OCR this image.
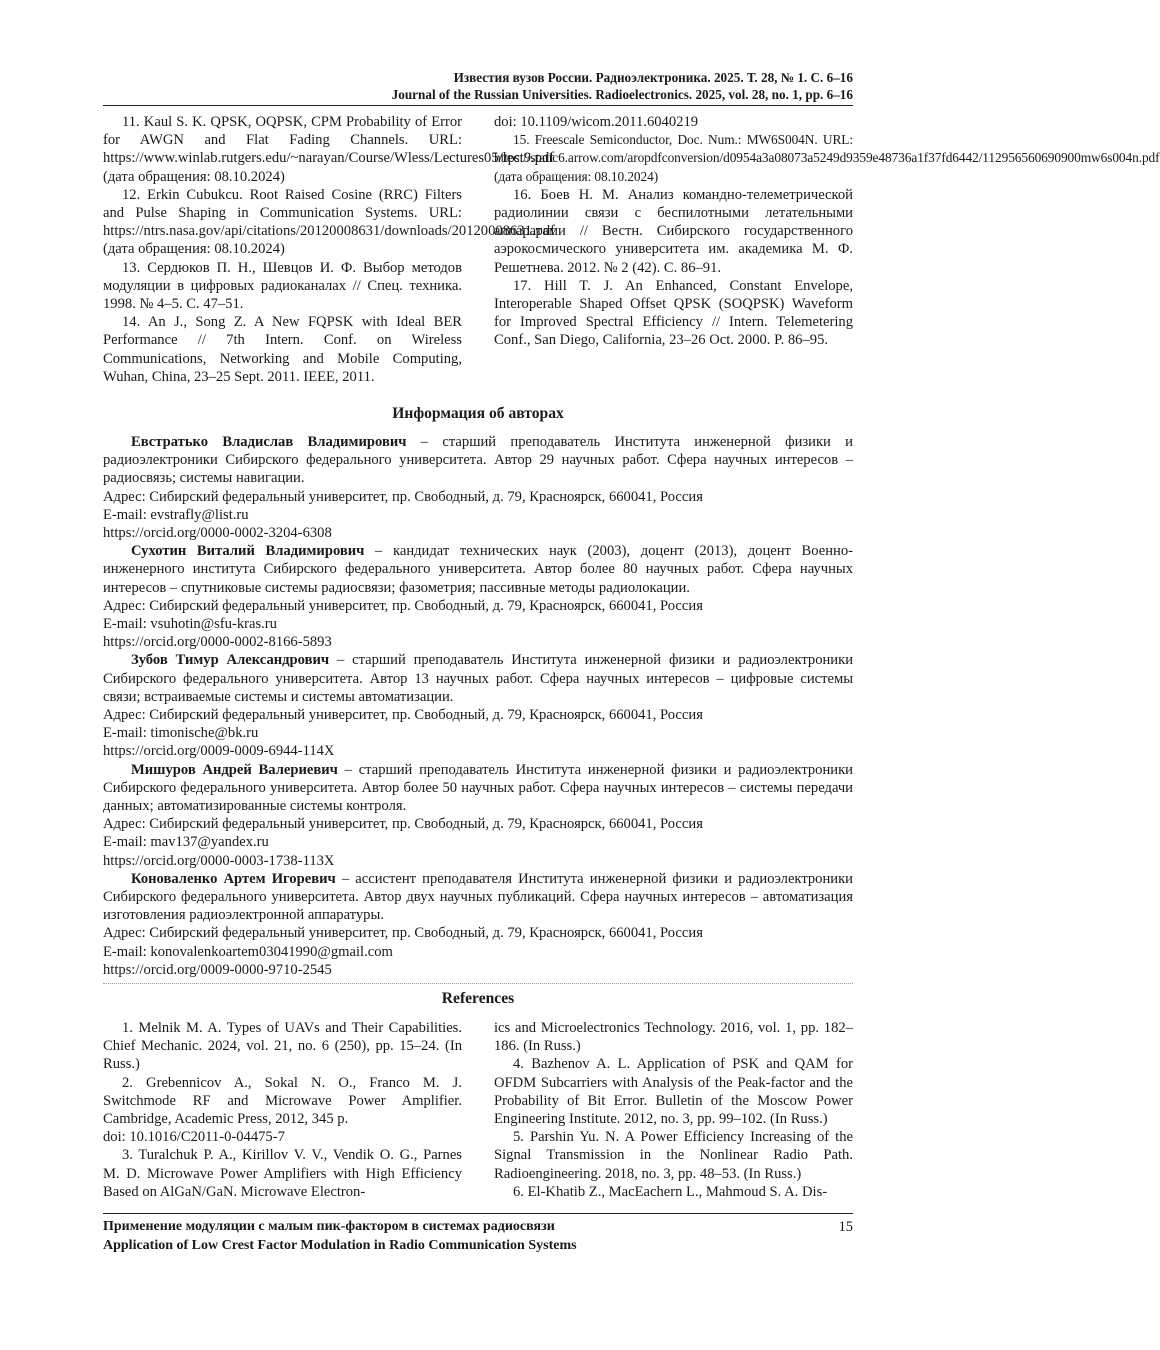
Известия вузов России. Радиоэлектроника. 2025. Т. 28, № 1. С. 6–16
Journal of the Russian Universities. Radioelectronics. 2025, vol. 28, no. 1, pp. 6–16

11. Kaul S. K. QPSK, OQPSK, CPM Probability of Error for AWGN and Flat Fading Channels. URL: https://www.winlab.rutgers.edu/~narayan/Course/Wless/Lectures05/lect9.pdf (дата обращения: 08.10.2024)

12. Erkin Cubukcu. Root Raised Cosine (RRC) Filters and Pulse Shaping in Communication Systems. URL: https://ntrs.nasa.gov/api/citations/20120008631/downloads/20120008631.pdf (дата обращения: 08.10.2024)

13. Сердюков П. Н., Шевцов И. Ф. Выбор методов модуляции в цифровых радиоканалах // Спец. техника. 1998. № 4–5. С. 47–51.

14. An J., Song Z. A New FQPSK with Ideal BER Performance // 7th Intern. Conf. on Wireless Communications, Networking and Mobile Computing, Wuhan, China, 23–25 Sept. 2011. IEEE, 2011.

doi: 10.1109/wicom.2011.6040219

15. Freescale Semiconductor, Doc. Num.: MW6S004N. URL: https://static6.arrow.com/aropdfconversion/d0954a3a08073a5249d9359e48736a1f37fd6442/112956560690900mw6s004n.pdf (дата обращения: 08.10.2024)

16. Боев Н. М. Анализ командно-телеметрической радиолинии связи с беспилотными летательными аппаратами // Вестн. Сибирского государственного аэрокосмического университета им. академика М. Ф. Решетнева. 2012. № 2 (42). С. 86–91.

17. Hill T. J. An Enhanced, Constant Envelope, Interoperable Shaped Offset QPSK (SOQPSK) Waveform for Improved Spectral Efficiency // Intern. Telemetering Conf., San Diego, California, 23–26 Oct. 2000. P. 86–95.

Информация об авторах

Евстратько Владислав Владимирович – старший преподаватель Института инженерной физики и радиоэлектроники Сибирского федерального университета. Автор 29 научных работ. Сфера научных интересов – радиосвязь; системы навигации.

Адрес: Сибирский федеральный университет, пр. Свободный, д. 79, Красноярск, 660041, Россия

E-mail: evstrafly@list.ru

https://orcid.org/0000-0002-3204-6308

Сухотин Виталий Владимирович – кандидат технических наук (2003), доцент (2013), доцент Военно-инженерного института Сибирского федерального университета. Автор более 80 научных работ. Сфера научных интересов – спутниковые системы радиосвязи; фазометрия; пассивные методы радиолокации.

Адрес: Сибирский федеральный университет, пр. Свободный, д. 79, Красноярск, 660041, Россия

E-mail: vsuhotin@sfu-kras.ru

https://orcid.org/0000-0002-8166-5893

Зубов Тимур Александрович – старший преподаватель Института инженерной физики и радиоэлектроники Сибирского федерального университета. Автор 13 научных работ. Сфера научных интересов – цифровые системы связи; встраиваемые системы и системы автоматизации.

Адрес: Сибирский федеральный университет, пр. Свободный, д. 79, Красноярск, 660041, Россия

E-mail: timonische@bk.ru

https://orcid.org/0009-0009-6944-114X

Мишуров Андрей Валериевич – старший преподаватель Института инженерной физики и радиоэлектроники Сибирского федерального университета. Автор более 50 научных работ. Сфера научных интересов – системы передачи данных; автоматизированные системы контроля.

Адрес: Сибирский федеральный университет, пр. Свободный, д. 79, Красноярск, 660041, Россия

E-mail: mav137@yandex.ru

https://orcid.org/0000-0003-1738-113X

Коноваленко Артем Игоревич – ассистент преподавателя Института инженерной физики и радиоэлектроники Сибирского федерального университета. Автор двух научных публикаций. Сфера научных интересов – автоматизация изготовления радиоэлектронной аппаратуры.

Адрес: Сибирский федеральный университет, пр. Свободный, д. 79, Красноярск, 660041, Россия

E-mail: konovalenkoartem03041990@gmail.com

https://orcid.org/0009-0000-9710-2545

References

1. Melnik M. A. Types of UAVs and Their Capabilities. Chief Mechanic. 2024, vol. 21, no. 6 (250), pp. 15–24. (In Russ.)

2. Grebennicov A., Sokal N. O., Franco M. J. Switchmode RF and Microwave Power Amplifier. Cambridge, Academic Press, 2012, 345 p.

doi: 10.1016/C2011-0-04475-7

3. Turalchuk P. A., Kirillov V. V., Vendik O. G., Parnes M. D. Microwave Power Amplifiers with High Efficiency Based on AlGaN/GaN. Microwave Electron-

ics and Microelectronics Technology. 2016, vol. 1, pp. 182–186. (In Russ.)

4. Bazhenov A. L. Application of PSK and QAM for OFDM Subcarriers with Analysis of the Peak-factor and the Probability of Bit Error. Bulletin of the Moscow Power Engineering Institute. 2012, no. 3, pp. 99–102. (In Russ.)

5. Parshin Yu. N. A Power Efficiency Increasing of the Signal Transmission in the Nonlinear Radio Path. Radioengineering. 2018, no. 3, pp. 48–53. (In Russ.)

6. El-Khatib Z., MacEachern L., Mahmoud S. A. Dis-

Применение модуляции с малым пик-фактором в системах радиосвязи
Application of Low Crest Factor Modulation in Radio Communication Systems
15
